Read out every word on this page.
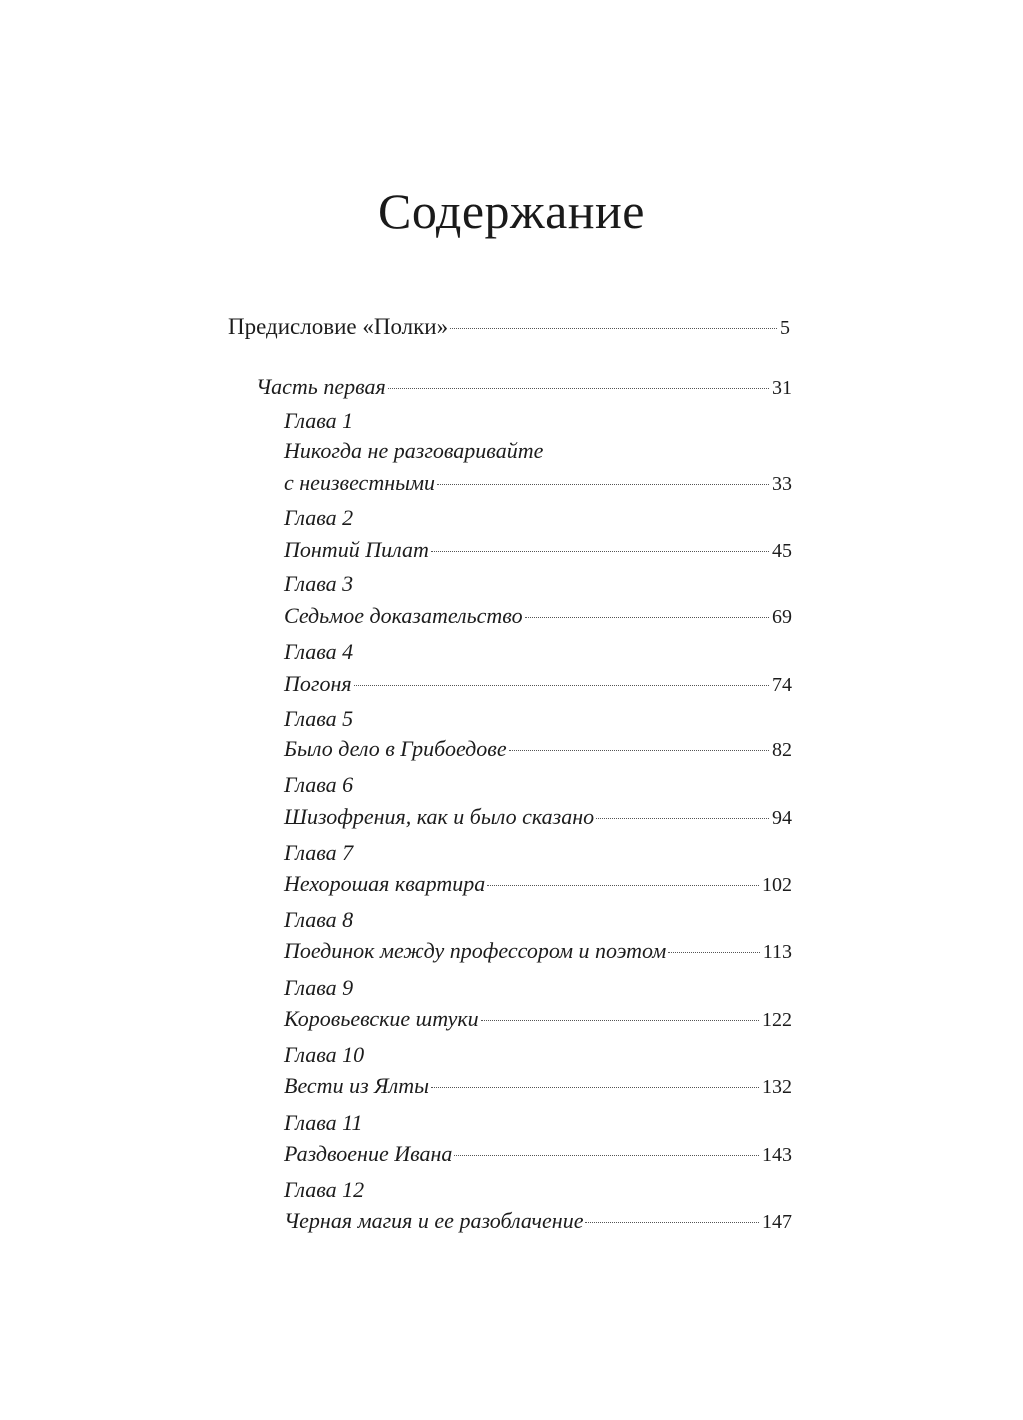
Содержание
Предисловие «Полки»	5
Часть первая	31
Глава 1
Никогда не разговаривайте
с неизвестными	33
Глава 2
Понтий Пилат	45
Глава 3
Седьмое доказательство	69
Глава 4
Погоня	74
Глава 5
Было дело в Грибоедове	82
Глава 6
Шизофрения, как и было сказано	94
Глава 7
Нехорошая квартира	102
Глава 8
Поединок между профессором и поэтом	113
Глава 9
Коровьевские штуки	122
Глава 10
Вести из Ялты	132
Глава 11
Раздвоение Ивана	143
Глава 12
Черная магия и ее разоблачение	147
